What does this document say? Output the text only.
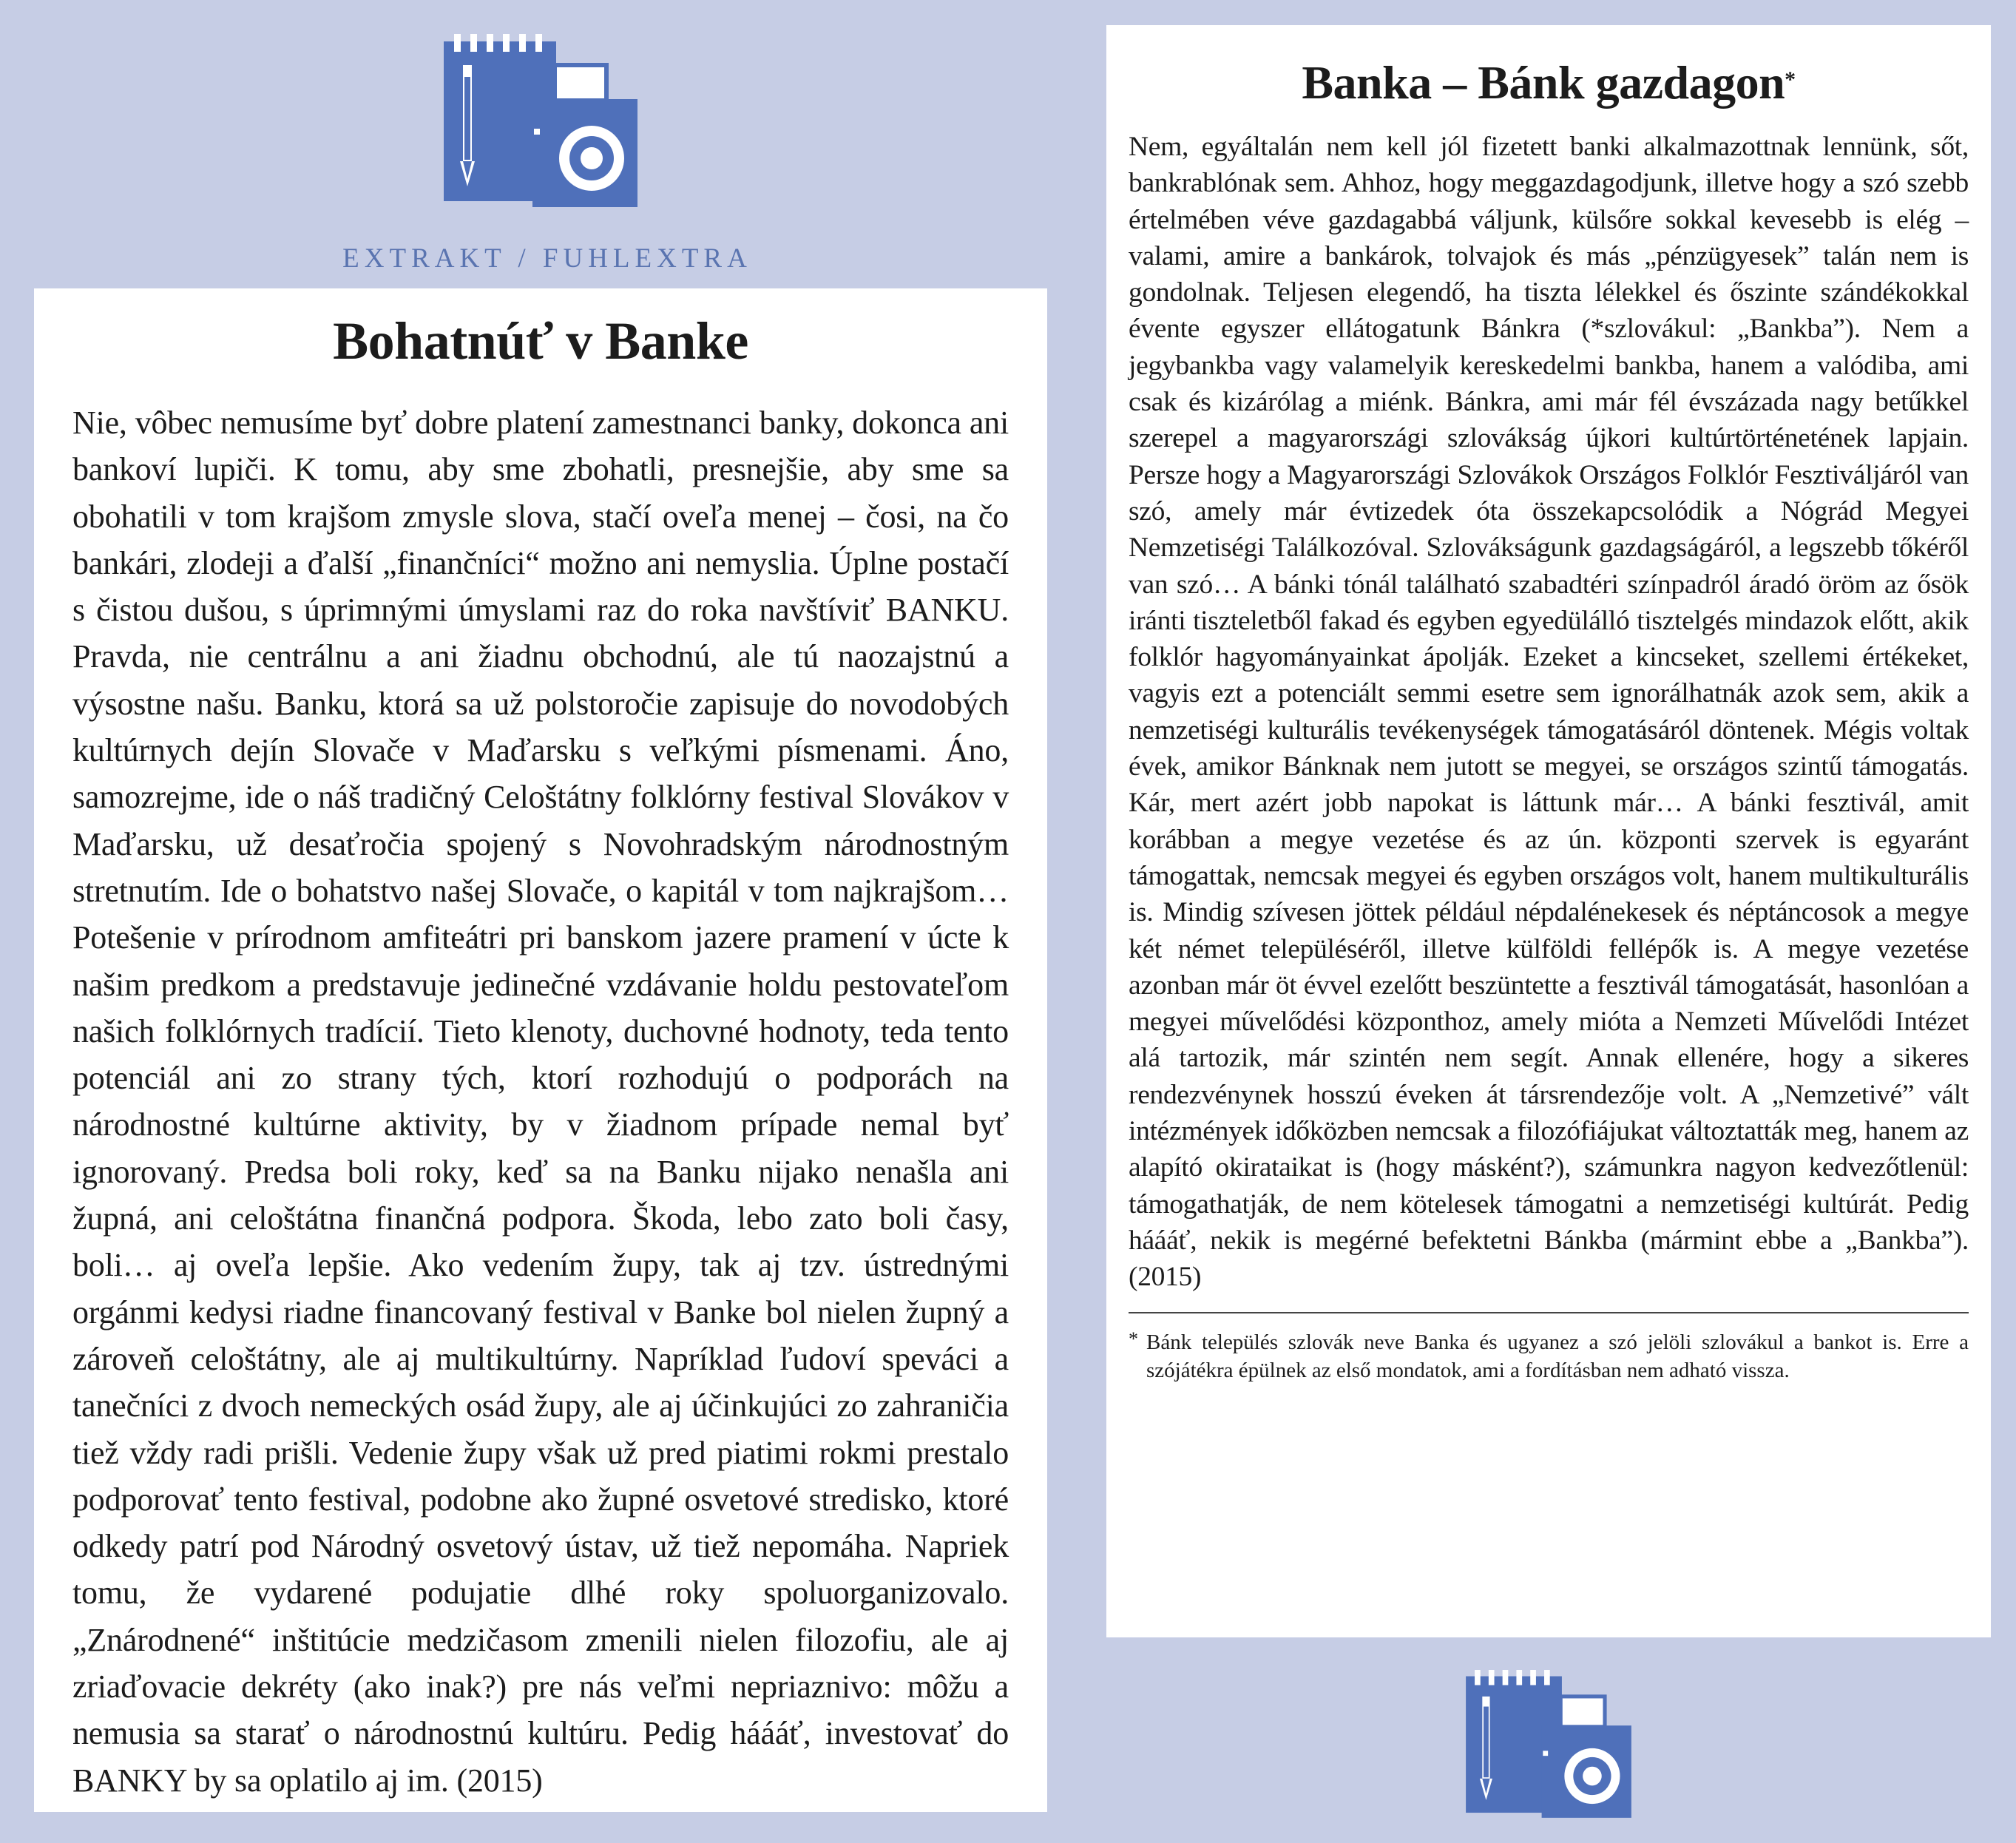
EXTRAKT / FUHLEXTRA
Bohatnúť v Banke

Nie, vôbec nemusíme byť dobre platení zamestnanci banky, dokonca ani bankoví lupiči. K tomu, aby sme zbohatli, presnejšie, aby sme sa obohatili v tom krajšom zmysle slova, stačí oveľa menej – čosi, na čo bankári, zlodeji a ďalší „finančníci“ možno ani nemyslia. Úplne postačí s čistou dušou, s úprimnými úmyslami raz do roka navštíviť BANKU. Pravda, nie centrálnu a ani žiadnu obchodnú, ale tú naozajstnú a výsostne našu. Banku, ktorá sa už polstoročie zapisuje do novodobých kultúrnych dejín Slovače v Maďarsku s veľkými písmenami. Áno, samozrejme, ide o náš tradičný Celoštátny folklórny festival Slovákov v Maďarsku, už desaťročia spojený s Novohradským národnostným stretnutím. Ide o bohatstvo našej Slovače, o kapitál v tom najkrajšom… Potešenie v prírodnom amfiteátri pri banskom jazere pramení v úcte k našim predkom a predstavuje jedinečné vzdávanie holdu pestovateľom našich folklórnych tradícií. Tieto klenoty, duchovné hodnoty, teda tento potenciál ani zo strany tých, ktorí rozhodujú o podporách na národnostné kultúrne aktivity, by v žiadnom prípade nemal byť ignorovaný. Predsa boli roky, keď sa na Banku nijako nenašla ani župná, ani celoštátna finančná podpora. Škoda, lebo zato boli časy, boli… aj oveľa lepšie. Ako vedením župy, tak aj tzv. ústrednými orgánmi kedysi riadne financovaný festival v Banke bol nielen župný a zároveň celoštátny, ale aj multikultúrny. Napríklad ľudoví speváci a tanečníci z dvoch nemeckých osád župy, ale aj účinkujúci zo zahraničia tiež vždy radi prišli. Vedenie župy však už pred piatimi rokmi prestalo podporovať tento festival, podobne ako župné osvetové stredisko, ktoré odkedy patrí pod Národný osvetový ústav, už tiež nepomáha. Napriek tomu, že vydarené podujatie dlhé roky spoluorganizovalo. „Znárodnené“ inštitúcie medzičasom zmenili nielen filozofiu, ale aj zriaďovacie dekréty (ako inak?) pre nás veľmi nepriaznivo: môžu a nemusia sa starať o národnostnú kultúru. Pedig háááť, investovať do BANKY by sa oplatilo aj im. (2015)

Banka – Bánk gazdagon*

Nem, egyáltalán nem kell jól fizetett banki alkalmazottnak lennünk, sőt, bankrablónak sem. Ahhoz, hogy meggazdagodjunk, illetve hogy a szó szebb értelmében véve gazdagabbá váljunk, külsőre sokkal kevesebb is elég – valami, amire a bankárok, tolvajok és más „pénzügyesek” talán nem is gondolnak. Teljesen elegendő, ha tiszta lélekkel és őszinte szándékokkal évente egyszer ellátogatunk Bánkra (*szlovákul: „Bankba”). Nem a jegybankba vagy valamelyik kereskedelmi bankba, hanem a valódiba, ami csak és kizárólag a miénk. Bánkra, ami már fél évszázada nagy betűkkel szerepel a magyarországi szlovákság újkori kultúrtörténetének lapjain. Persze hogy a Magyarországi Szlovákok Országos Folklór Fesztiváljáról van szó, amely már évtizedek óta összekapcsolódik a Nógrád Megyei Nemzetiségi Találkozóval. Szlovákságunk gazdagságáról, a legszebb tőkéről van szó… A bánki tónál található szabadtéri színpadról áradó öröm az ősök iránti tiszteletből fakad és egyben egyedülálló tisztelgés mindazok előtt, akik folklór hagyományainkat ápolják. Ezeket a kincseket, szellemi értékeket, vagyis ezt a potenciált semmi esetre sem ignorálhatnák azok sem, akik a nemzetiségi kulturális tevékenységek támogatásáról döntenek. Mégis voltak évek, amikor Bánknak nem jutott se megyei, se országos szintű támogatás. Kár, mert azért jobb napokat is láttunk már… A bánki fesztivál, amit korábban a megye vezetése és az ún. központi szervek is egyaránt támogattak, nemcsak megyei és egyben országos volt, hanem multikulturális is. Mindig szívesen jöttek például népdalénekesek és néptáncosok a megye két német településéről, illetve külföldi fellépők is. A megye vezetése azonban már öt évvel ezelőtt beszüntette a fesztivál támogatását, hasonlóan a megyei művelődési központhoz, amely mióta a Nemzeti Művelődi Intézet alá tartozik, már szintén nem segít. Annak ellenére, hogy a sikeres rendezvénynek hosszú éveken át társrendezője volt. A „Nemzetivé” vált intézmények időközben nemcsak a filozófiájukat változtatták meg, hanem az alapító okirataikat is (hogy másként?), számunkra nagyon kedvezőtlenül: támogathatják, de nem kötelesek támogatni a nemzetiségi kultúrát. Pedig háááť, nekik is megérné befektetni Bánkba (mármint ebbe a „Bankba”). (2015)

* Bánk település szlovák neve Banka és ugyanez a szó jelöli szlovákul a bankot is. Erre a szójátékra épülnek az első mondatok, ami a fordításban nem adható vissza.
